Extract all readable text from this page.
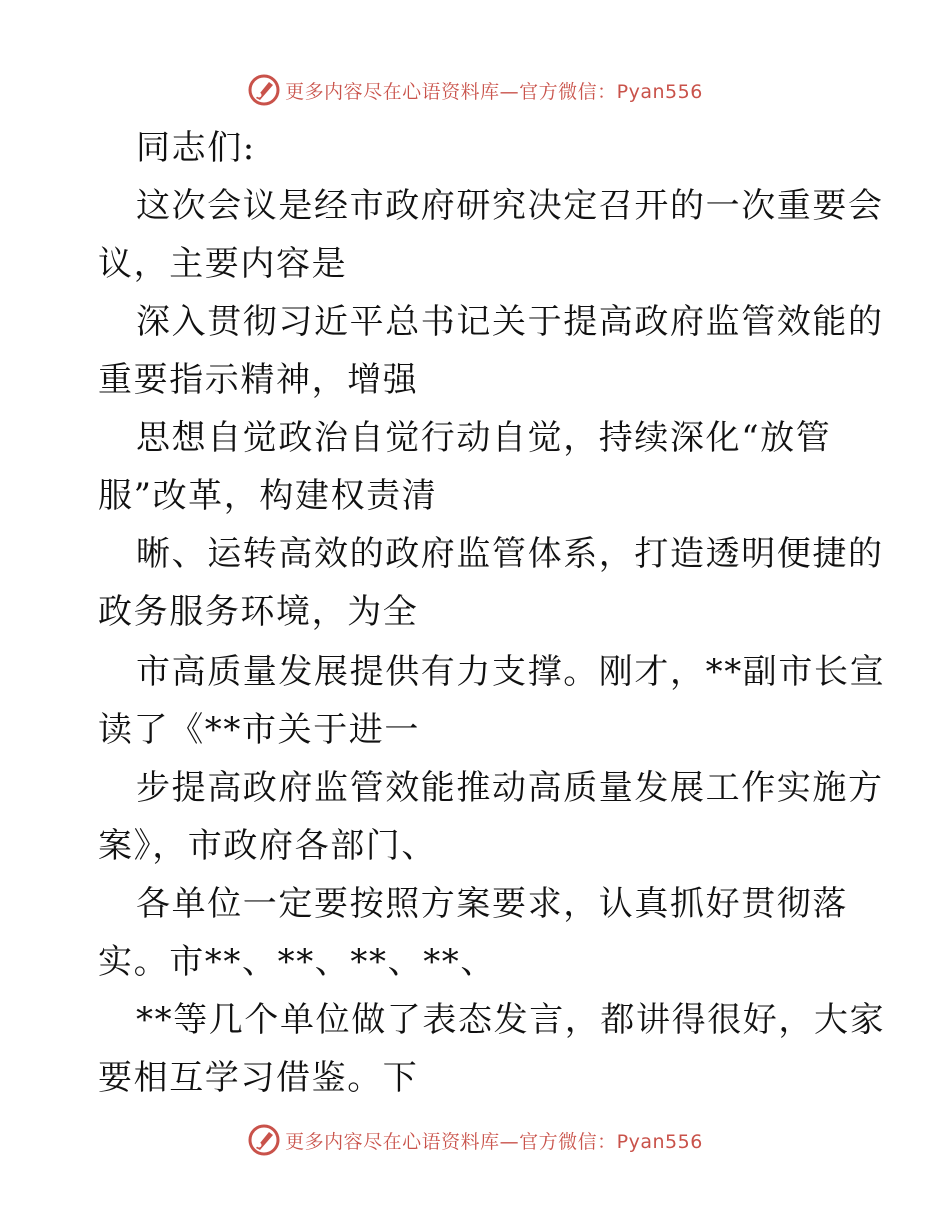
更多内容尽在心语资料库—官方微信：Pyan556
同志们:
这次会议是经市政府研究决定召开的一次重要会
议，主要内容是
深入贯彻习近平总书记关于提高政府监管效能的
重要指示精神，增强
思想自觉政治自觉行动自觉，持续深化“放管
服”改革，构建权责清
晰、运转高效的政府监管体系，打造透明便捷的
政务服务环境，为全
市高质量发展提供有力支撑。刚才，**副市长宣
读了《**市关于进一
步提高政府监管效能推动高质量发展工作实施方
案》，市政府各部门、
各单位一定要按照方案要求，认真抓好贯彻落
实。市**、**、**、**、
**等几个单位做了表态发言，都讲得很好，大家
要相互学习借鉴。下
更多内容尽在心语资料库—官方微信：Pyan556
